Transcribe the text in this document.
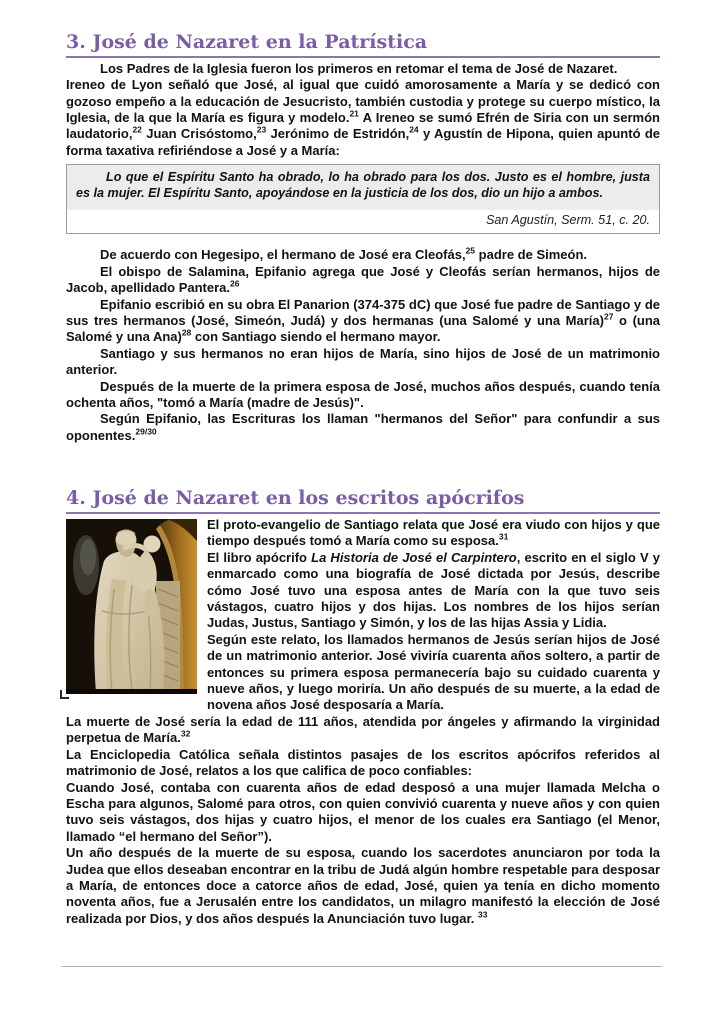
3. José de Nazaret en la Patrística

Los Padres de la Iglesia fueron los primeros en retomar el tema de José de Nazaret.

Ireneo de Lyon señaló que José, al igual que cuidó amorosamente a María y se dedicó con gozoso empeño a la educación de Jesucristo, también custodia y protege su cuerpo místico, la Iglesia, de la que la María es figura y modelo.$^{21}$ A Ireneo se sumó Efrén de Siria con un sermón laudatorio,$^{22}$ Juan Crisóstomo,$^{23}$ Jerónimo de Estridón,$^{24}$ y Agustín de Hipona, quien apuntó de forma taxativa refiriéndose a José y a María:

Lo que el Espíritu Santo ha obrado, lo ha obrado para los dos. Justo es el hombre, justa es la mujer. El Espíritu Santo, apoyándose en la justicia de los dos, dio un hijo a ambos.
San Agustín, Serm. 51, c. 20.

De acuerdo con Hegesipo, el hermano de José era Cleofás,$^{25}$ padre de Simeón.

El obispo de Salamina, Epifanio agrega que José y Cleofás serían hermanos, hijos de Jacob, apellidado Pantera.$^{26}$

Epifanio escribió en su obra El Panarion (374-375 dC) que José fue padre de Santiago y de sus tres hermanos (José, Simeón, Judá) y dos hermanas (una Salomé y una María)$^{27}$ o (una Salomé y una Ana)$^{28}$ con Santiago siendo el hermano mayor.

Santiago y sus hermanos no eran hijos de María, sino hijos de José de un matrimonio anterior.

Después de la muerte de la primera esposa de José, muchos años después, cuando tenía ochenta años, "tomó a María (madre de Jesús)".

Según Epifanio, las Escrituras los llaman "hermanos del Señor" para confundir a sus oponentes.$^{29/30}$

4. José de Nazaret en los escritos apócrifos

El proto-evangelio de Santiago relata que José era viudo con hijos y que tiempo después tomó a María como su esposa.$^{31}$

El libro apócrifo La Historia de José el Carpintero, escrito en el siglo V y enmarcado como una biografía de José dictada por Jesús, describe cómo José tuvo una esposa antes de María con la que tuvo seis vástagos, cuatro hijos y dos hijas. Los nombres de los hijos serían Judas, Justus, Santiago y Simón, y los de las hijas Assia y Lidia.

Según este relato, los llamados hermanos de Jesús serían hijos de José de un matrimonio anterior. José viviría cuarenta años soltero, a partir de entonces su primera esposa permanecería bajo su cuidado cuarenta y nueve años, y luego moriría. Un año después de su muerte, a la edad de novena años José desposaría a María.

La muerte de José sería la edad de 111 años, atendida por ángeles y afirmando la virginidad perpetua de María.$^{32}$

La Enciclopedia Católica señala distintos pasajes de los escritos apócrifos referidos al matrimonio de José, relatos a los que califica de poco confiables:

Cuando José, contaba con cuarenta años de edad desposó a una mujer llamada Melcha o Escha para algunos, Salomé para otros, con quien convivió cuarenta y nueve años y con quien tuvo seis vástagos, dos hijas y cuatro hijos, el menor de los cuales era Santiago (el Menor, llamado “el hermano del Señor”).

Un año después de la muerte de su esposa, cuando los sacerdotes anunciaron por toda la Judea que ellos deseaban encontrar en la tribu de Judá algún hombre respetable para desposar a María, de entonces doce a catorce años de edad, José, quien ya tenía en dicho momento noventa años, fue a Jerusalén entre los candidatos, un milagro manifestó la elección de José realizada por Dios, y dos años después la Anunciación tuvo lugar. $^{33}$
